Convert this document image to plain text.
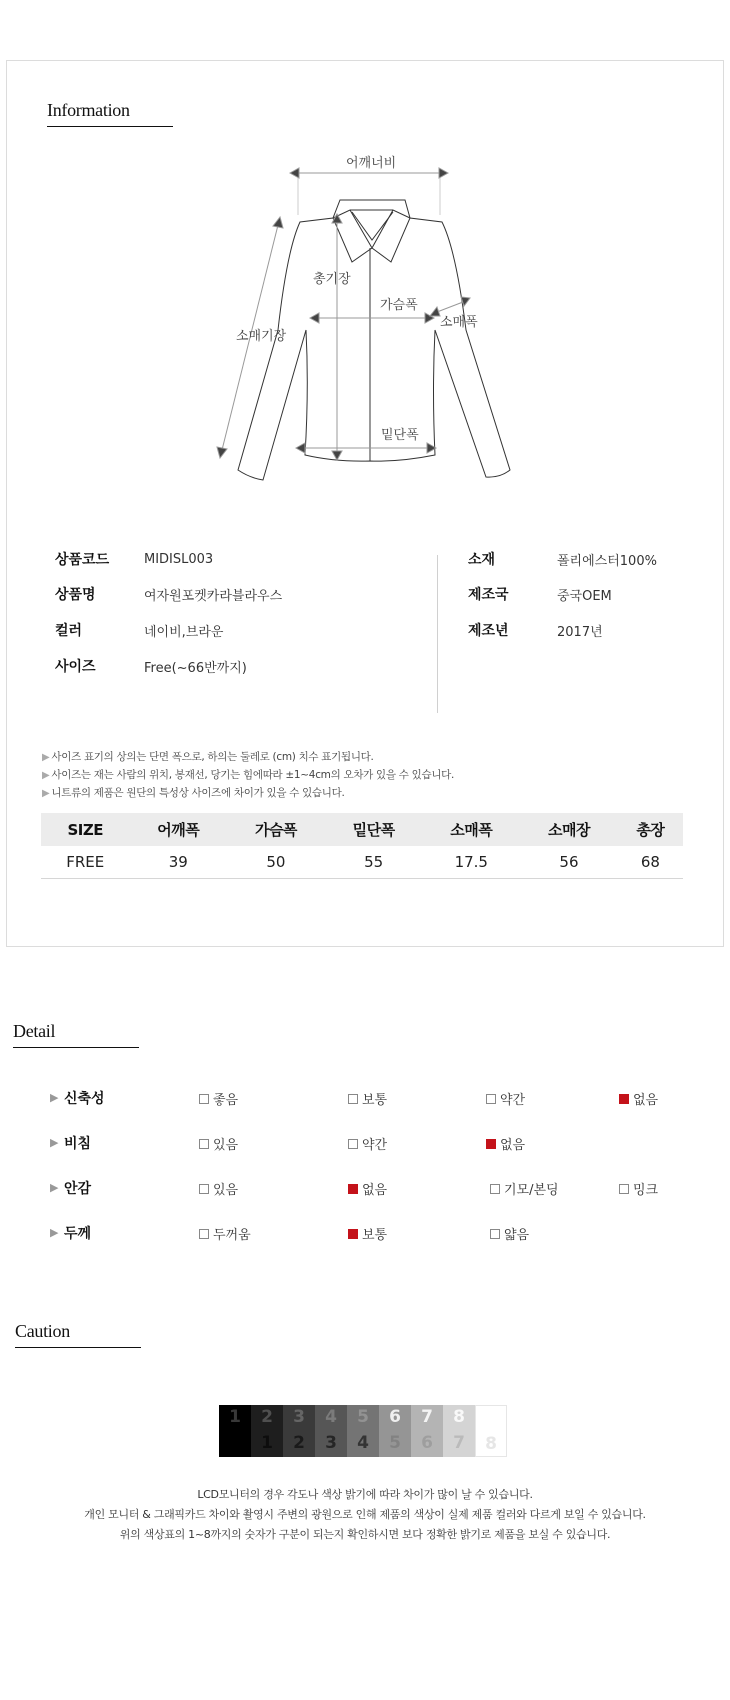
Information
어깨너비
총기장
가슴폭
소매기장
소매폭
밑단폭
상품코드	MIDISL003
상품명	여자원포켓카라블라우스
컬러	네이비,브라운
사이즈	Free(~66반까지)
소재	폴리에스터100%
제조국	중국OEM
제조년	2017년
▶ 사이즈 표기의 상의는 단면 폭으로, 하의는 둘레로 (cm) 치수 표기됩니다.
▶ 사이즈는 재는 사람의 위치, 봉재선, 당기는 힘에따라 ±1~4cm의 오차가 있을 수 있습니다.
▶ 니트류의 제품은 원단의 특성상 사이즈에 차이가 있을 수 있습니다.
SIZE	어깨폭	가슴폭	밑단폭	소매폭	소매장	총장
FREE	39	50	55	17.5	56	68
Detail
▶ 신축성	좋음	보통	약간	없음
▶ 비침	있음	약간	없음
▶ 안감	있음	없음	기모/본딩	밍크
▶ 두께	두꺼움	보통	얇음
Caution
1	2
1
3
2
4
3
5
4
6
5
7
6
8
7	8

LCD모니터의 경우 각도나 색상 밝기에 따라 차이가 많이 날 수 있습니다.

개인 모니터 & 그래픽카드 차이와 촬영시 주변의 광원으로 인해 제품의 색상이 실제 제품 컬러와 다르게 보일 수 있습니다.

위의 색상표의 1~8까지의 숫자가 구분이 되는지 확인하시면 보다 정확한 밝기로 제품을 보실 수 있습니다.
